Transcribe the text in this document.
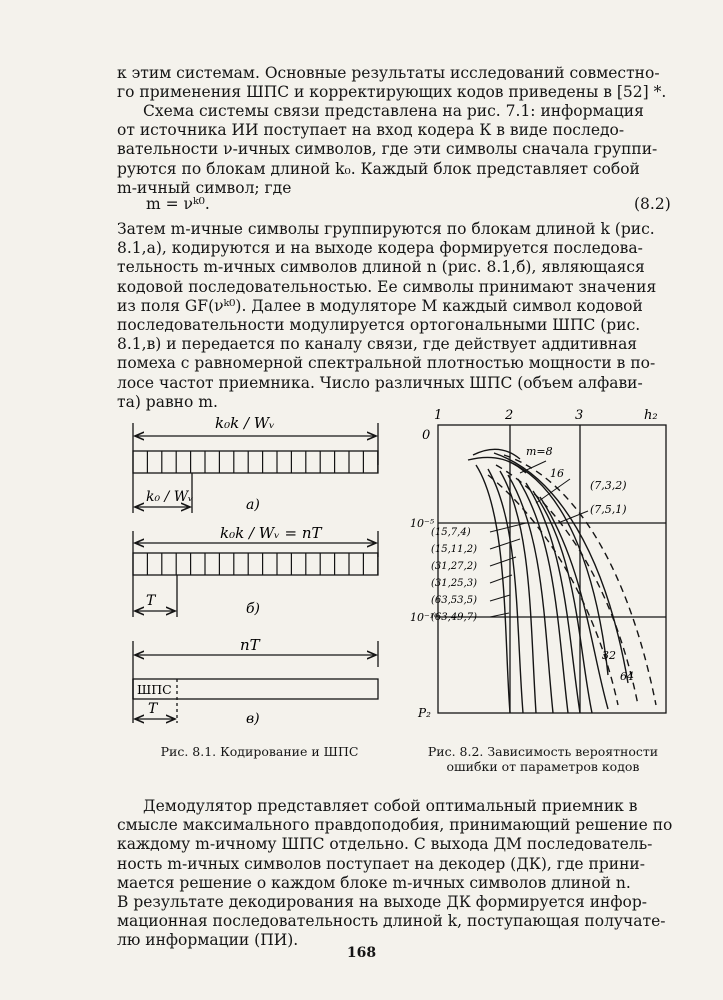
к этим системам. Основные результаты исследований совместно-
го применения ШПС и корректирующих кодов приведены в [52] *.
Схема системы связи представлена на рис. 7.1: информация
от источника ИИ поступает на вход кодера К в виде последо-
вательности ν-ичных символов, где эти символы сначала группи-
руются по блокам длиной k₀. Каждый блок представляет собой
m-ичный символ; где
m = νᵏ⁰.	(8.2)
Затем m-ичные символы группируются по блокам длиной k (рис.
8.1,а), кодируются и на выходе кодера формируется последова-
тельность m-ичных символов длиной n (рис. 8.1,б), являющаяся
кодовой последовательностью. Ее символы принимают значения
из поля GF(νᵏ⁰). Далее в модуляторе М каждый символ кодовой
последовательности модулируется ортогональными ШПС (рис.
8.1,в) и передается по каналу связи, где действует аддитивная
помеха с равномерной спектральной плотностью мощности в по-
лосе частот приемника. Число различных ШПС (объем алфави-
та) равно m.
k₀k / Wᵥ
k₀ / Wᵥ	а)
k₀k / Wᵥ = nT
T	б)
nT
ШПС
T
в)
Рис. 8.1. Кодирование и ШПС
1	2	3	h₂
0
10⁻⁵
10⁻¹⁰
P₂
m=8
16
(7,3,2)
(7,5,1)
(15,7,4)
(15,11,2)
(31,27,2)
(31,25,3)
(63,53,5)
(63,49,7)
32
64
Рис. 8.2. Зависимость вероятности
ошибки от параметров кодов
Демодулятор представляет собой оптимальный приемник в
смысле максимального правдоподобия, принимающий решение по
каждому m-ичному ШПС отдельно. С выхода ДМ последователь-
ность m-ичных символов поступает на декодер (ДК), где прини-
мается решение о каждом блоке m-ичных символов длиной n.
В результате декодирования на выходе ДК формируется инфор-
мационная последовательность длиной k, поступающая получате-
лю информации (ПИ).
168
